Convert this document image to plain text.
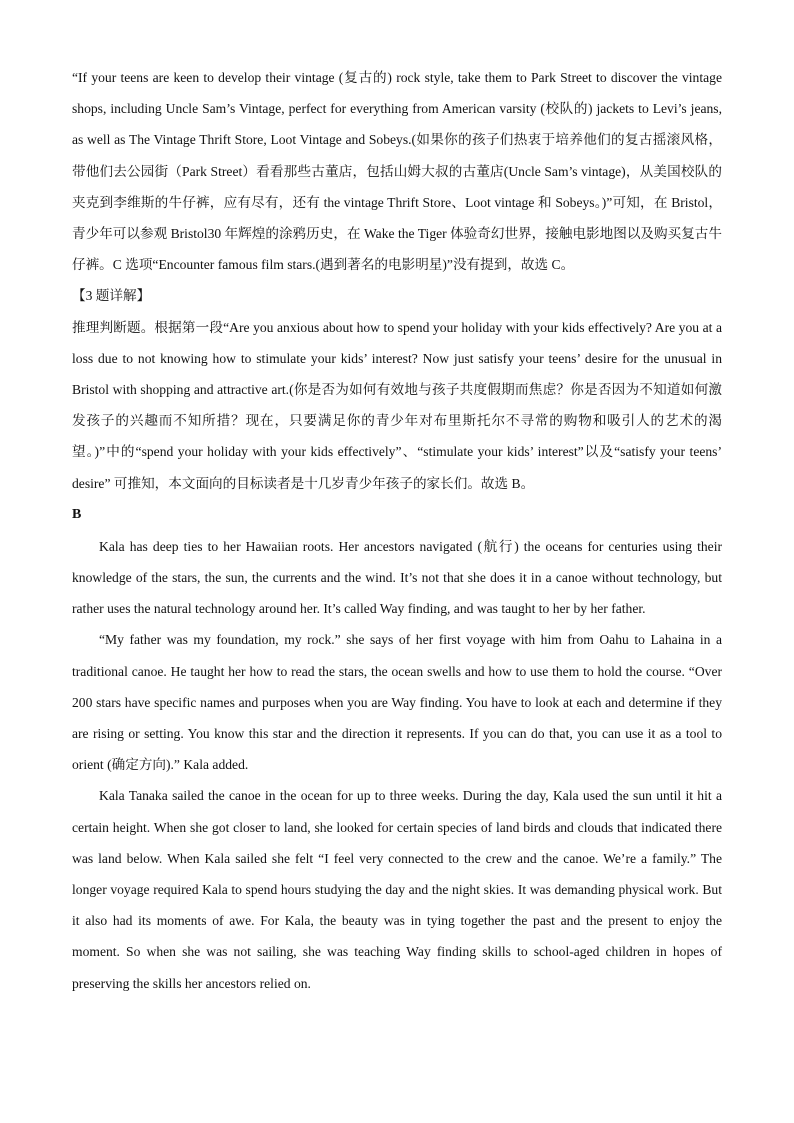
“If your teens are keen to develop their vintage (复古的) rock style, take them to Park Street to discover the vintage shops, including Uncle Sam’s Vintage, perfect for everything from American varsity (校队的) jackets to Levi’s jeans, as well as The Vintage Thrift Store, Loot Vintage and Sobeys.(如果你的孩子们热衷于培养他们的复古摇滚风格，带他们去公园街（Park Street）看看那些古董店，包括山姆大叔的古董店(Uncle Sam’s vintage)，从美国校队的夹克到李维斯的牛仔裤，应有尽有，还有 the vintage Thrift Store、Loot vintage 和 Sobeys。)”可知，在 Bristol，青少年可以参观 Bristol30 年辉煌的涂鸦历史，在 Wake the Tiger 体验奇幻世界，接触电影地图以及购买复古牛仔裤。C 选项“Encounter famous film stars.(遇到著名的电影明星)”没有提到，故选 C。

【3 题详解】

推理判断题。根据第一段“Are you anxious about how to spend your holiday with your kids effectively? Are you at a loss due to not knowing how to stimulate your kids’ interest? Now just satisfy your teens’ desire for the unusual in Bristol with shopping and attractive art.(你是否为如何有效地与孩子共度假期而焦虑？你是否因为不知道如何激发孩子的兴趣而不知所措？现在，只要满足你的青少年对布里斯托尔不寻常的购物和吸引人的艺术的渴望。)”中的“spend your holiday with your kids effectively”、“stimulate your kids’ interest”以及“satisfy your teens’ desire” 可推知，本文面向的目标读者是十几岁青少年孩子的家长们。故选 B。

B

Kala has deep ties to her Hawaiian roots. Her ancestors navigated (航行) the oceans for centuries using their knowledge of the stars, the sun, the currents and the wind. It’s not that she does it in a canoe without technology, but rather uses the natural technology around her. It’s called Way finding, and was taught to her by her father.

“My father was my foundation, my rock.” she says of her first voyage with him from Oahu to Lahaina in a traditional canoe. He taught her how to read the stars, the ocean swells and how to use them to hold the course. “Over 200 stars have specific names and purposes when you are Way finding. You have to look at each and determine if they are rising or setting. You know this star and the direction it represents. If you can do that, you can use it as a tool to orient (确定方向).” Kala added.

Kala Tanaka sailed the canoe in the ocean for up to three weeks. During the day, Kala used the sun until it hit a certain height. When she got closer to land, she looked for certain species of land birds and clouds that indicated there was land below. When Kala sailed she felt “I feel very connected to the crew and the canoe. We’re a family.” The longer voyage required Kala to spend hours studying the day and the night skies. It was demanding physical work. But it also had its moments of awe. For Kala, the beauty was in tying together the past and the present to enjoy the moment. So when she was not sailing, she was teaching Way finding skills to school-aged children in hopes of preserving the skills her ancestors relied on.
